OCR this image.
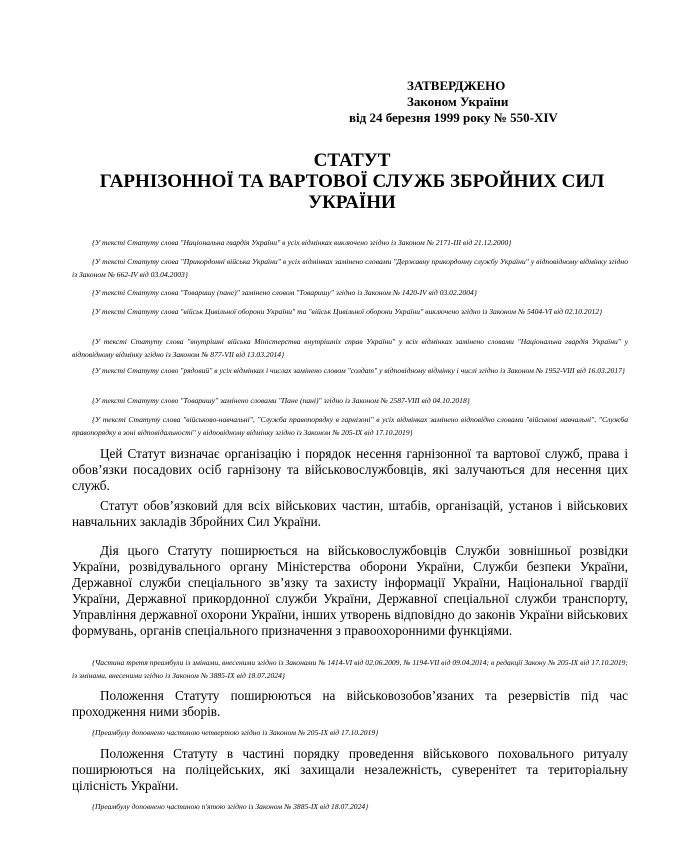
ЗАТВЕРДЖЕНО
Законом України
від 24 березня 1999 року № 550-XIV
СТАТУТ
ГАРНІЗОННОЇ ТА ВАРТОВОЇ СЛУЖБ ЗБРОЙНИХ СИЛ
УКРАЇНИ
{У тексті Статуту слова "Національна гвардія України" в усіх відмінках виключено згідно із Законом № 2171-III від 21.12.2000}
{У тексті Статуту слова "Прикордонні війська України" в усіх відмінках замінено словами "Державну прикордонну службу України" у відповідному відмінку згідно із Законом № 662-IV від 03.04.2003}
{У тексті Статуту слова "Товаришу (пане)" замінено словом "Товаришу" згідно із Законом № 1420-IV від 03.02.2004}
{У тексті Статуту слова "військ Цивільної оборони України" та "військ Цивільної оборони України" виключено згідно із Законом № 5404-VI від 02.10.2012}
{У тексті Статуту слова "внутрішні війська Міністерства внутрішніх справ України" у всіх відмінках замінено словами "Національна гвардія України" у відповідному відмінку згідно із Законом № 877-VII від 13.03.2014}
{У тексті Статуту слово "рядовий" в усіх відмінках і числах замінено словом "солдат" у відповідному відмінку і числі згідно із Законом № 1952-VIII від 16.03.2017}
{У тексті Статуту слово "Товаришу" замінено словами "Пане (пані)" згідно із Законом № 2587-VIII від 04.10.2018}
{У тексті Статуту слова "військово-навчальні", "Служба правопорядку в гарнізоні" в усіх відмінках замінено відповідно словами "військові навчальні", "Служба правопорядку в зоні відповідальності" у відповідному відмінку згідно із Законом № 205-IX від 17.10.2019}
Цей Статут визначає організацію і порядок несення гарнізонної та вартової служб, права і обов’язки посадових осіб гарнізону та військовослужбовців, які залучаються для несення цих служб.
Статут обов’язковий для всіх військових частин, штабів, організацій, установ і військових навчальних закладів Збройних Сил України.
Дія цього Статуту поширюється на військовослужбовців Служби зовнішньої розвідки України, розвідувального органу Міністерства оборони України, Служби безпеки України, Державної служби спеціального зв’язку та захисту інформації України, Національної гвардії України, Державної прикордонної служби України, Державної спеціальної служби транспорту, Управління державної охорони України, інших утворень відповідно до законів України військових формувань, органів спеціального призначення з правоохоронними функціями.
{Частина третя преамбули із змінами, внесеними згідно із Законами № 1414-VI від 02.06.2009, № 1194-VII від 09.04.2014; в редакції Закону № 205-IX від 17.10.2019; із змінами, внесеними згідно із Законом № 3885-IX від 18.07.2024}
Положення Статуту поширюються на військовозобов’язаних та резервістів під час проходження ними зборів.
{Преамбулу доповнено частиною четвертою згідно із Законом № 205-IX від 17.10.2019}
Положення Статуту в частині порядку проведення військового поховального ритуалу поширюються на поліцейських, які захищали незалежність, суверенітет та територіальну цілісність України.
{Преамбулу доповнено частиною п'ятою згідно із Законом № 3885-IX від 18.07.2024}
